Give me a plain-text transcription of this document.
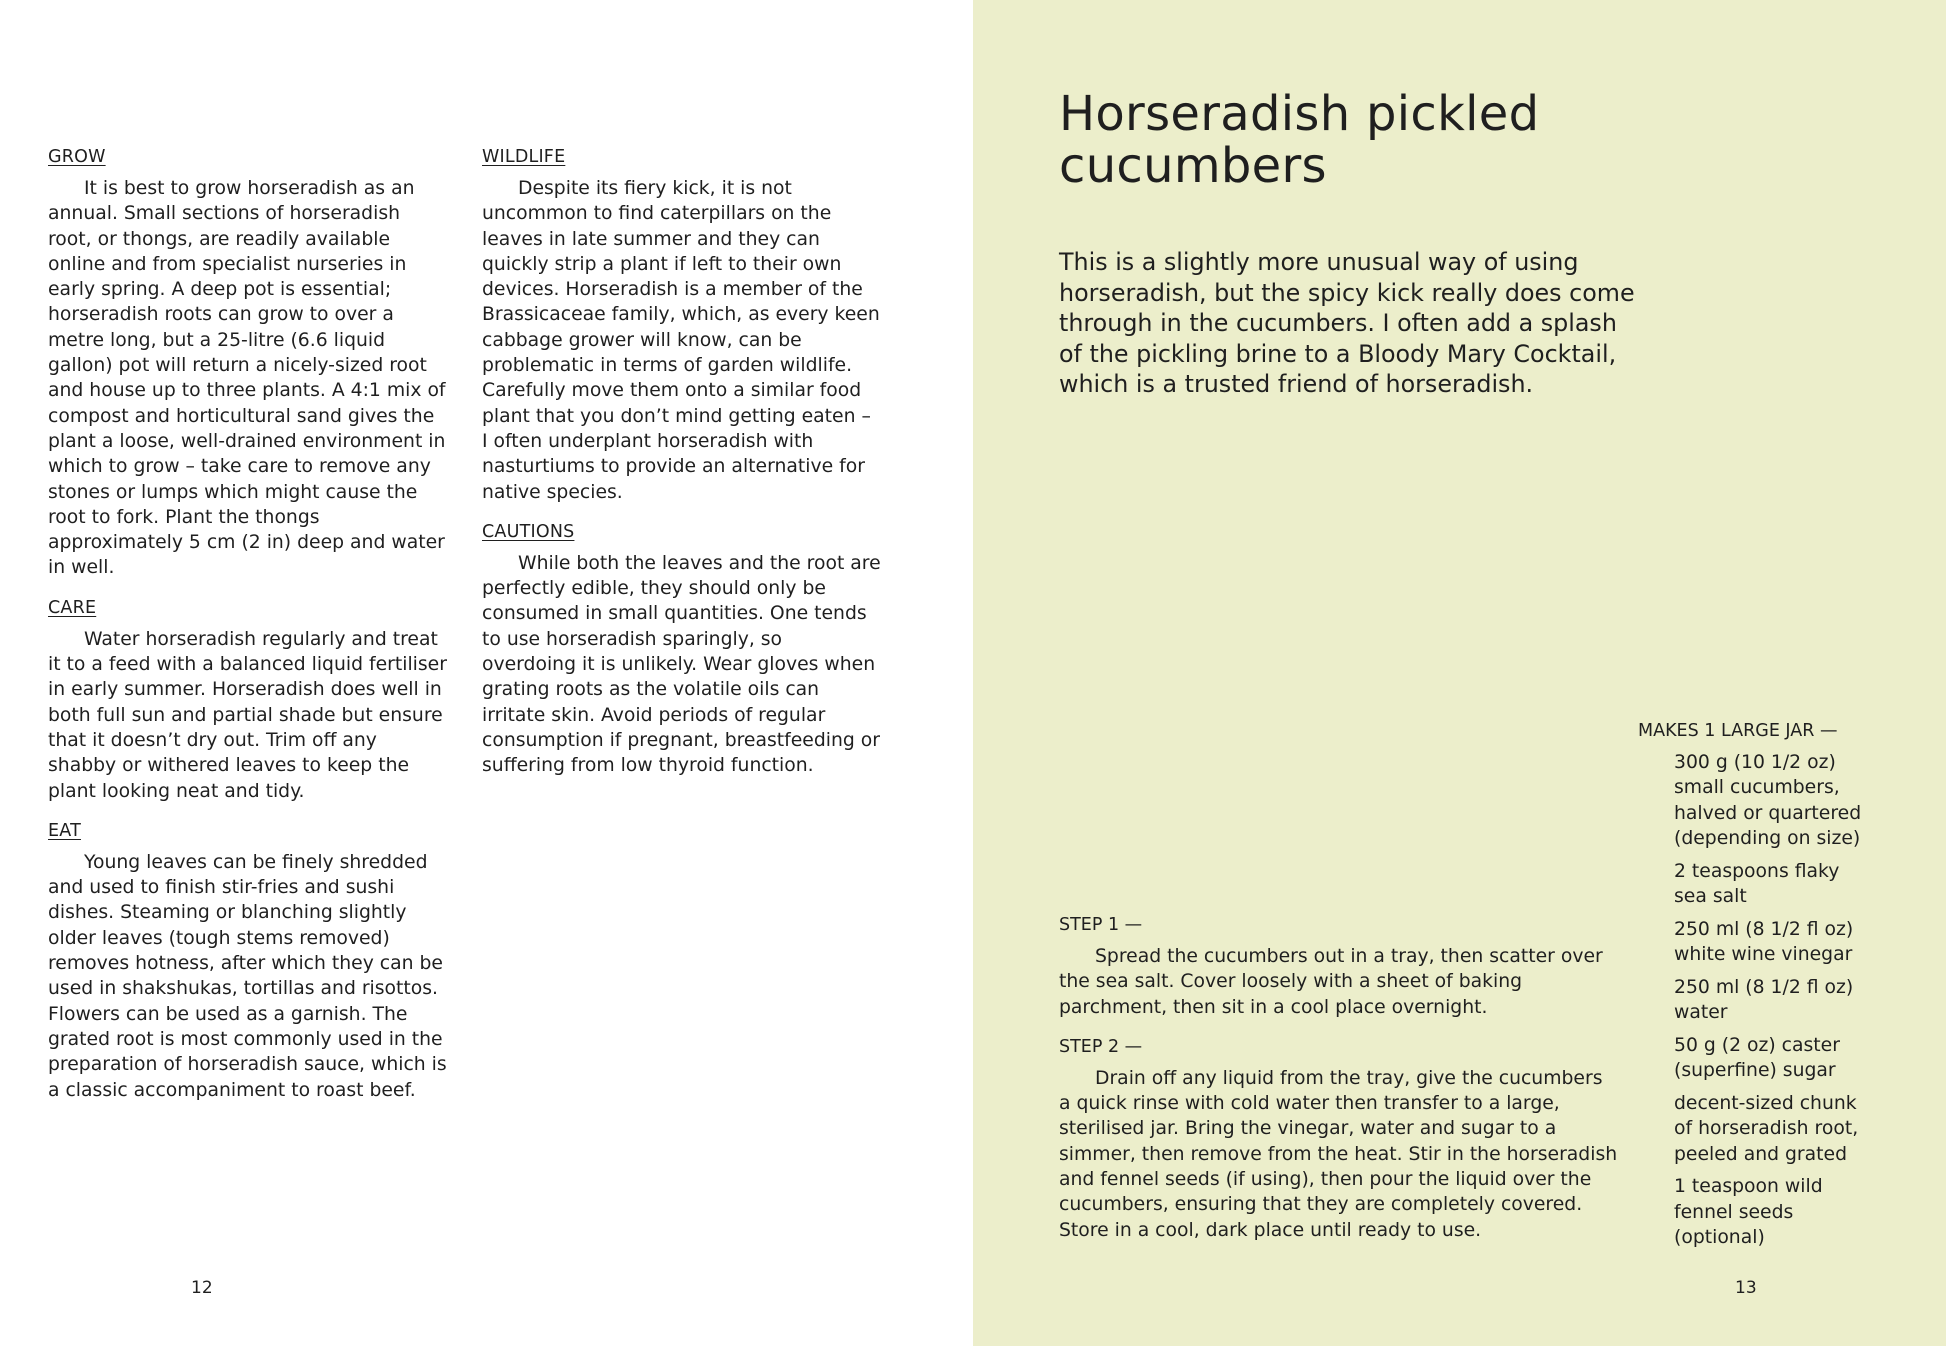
GROW

It is best to grow horseradish as an annual. Small sections of horseradish root, or thongs, are readily available online and from specialist nurseries in early spring. A deep pot is essential; horseradish roots can grow to over a metre long, but a 25-litre (6.6 liquid gallon) pot will return a nicely-sized root and house up to three plants. A 4:1 mix of compost and horticultural sand gives the plant a loose, well-drained environment in which to grow – take care to remove any stones or lumps which might cause the root to fork. Plant the thongs approximately 5 cm (2 in) deep and water in well.

CARE

Water horseradish regularly and treat it to a feed with a balanced liquid fertiliser in early summer. Horseradish does well in both full sun and partial shade but ensure that it doesn’t dry out. Trim off any shabby or withered leaves to keep the plant looking neat and tidy.

EAT

Young leaves can be finely shredded and used to finish stir-fries and sushi dishes. Steaming or blanching slightly older leaves (tough stems removed) removes hotness, after which they can be used in shakshukas, tortillas and risottos. Flowers can be used as a garnish. The grated root is most commonly used in the preparation of horseradish sauce, which is a classic accompaniment to roast beef.

WILDLIFE

Despite its fiery kick, it is not uncommon to find caterpillars on the leaves in late summer and they can quickly strip a plant if left to their own devices. Horseradish is a member of the Brassicaceae family, which, as every keen cabbage grower will know, can be problematic in terms of garden wildlife. Carefully move them onto a similar food plant that you don’t mind getting eaten – I often underplant horseradish with nasturtiums to provide an alternative for native species.

CAUTIONS

While both the leaves and the root are perfectly edible, they should only be consumed in small quantities. One tends to use horseradish sparingly, so overdoing it is unlikely. Wear gloves when grating roots as the volatile oils can irritate skin. Avoid periods of regular consumption if pregnant, breastfeeding or suffering from low thyroid function.

12
Horseradish pickled cucumbers

This is a slightly more unusual way of using horseradish, but the spicy kick really does come through in the cucumbers. I often add a splash of the pickling brine to a Bloody Mary Cocktail, which is a trusted friend of horseradish.

MAKES 1 LARGE JAR —
300 g (10 1/2 oz) small cucumbers, halved or quartered (depending on size)
2 teaspoons flaky sea salt
250 ml (8 1/2 fl oz) white wine vinegar
250 ml (8 1/2 fl oz) water
50 g (2 oz) caster (superfine) sugar
decent-sized chunk of horseradish root, peeled and grated
1 teaspoon wild fennel seeds (optional)
STEP 1 —

Spread the cucumbers out in a tray, then scatter over the sea salt. Cover loosely with a sheet of baking parchment, then sit in a cool place overnight.

STEP 2 —

Drain off any liquid from the tray, give the cucumbers a quick rinse with cold water then transfer to a large, sterilised jar. Bring the vinegar, water and sugar to a simmer, then remove from the heat. Stir in the horseradish and fennel seeds (if using), then pour the liquid over the cucumbers, ensuring that they are completely covered. Store in a cool, dark place until ready to use.

13
